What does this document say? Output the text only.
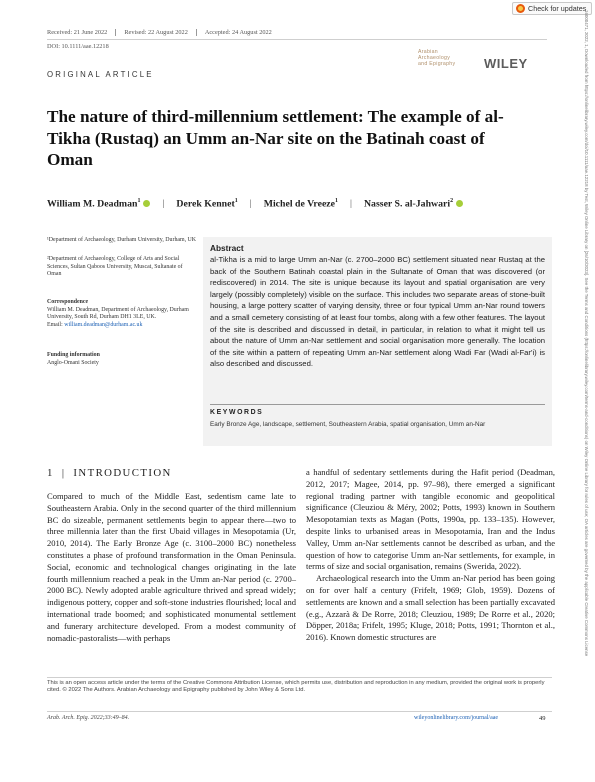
Check for updates
16000471, 2022, 1, Downloaded from https://onlinelibrary.wiley.com/doi/10.1111/aae.12218 by Test, Wiley Online Library on [26/10/2023]. See the Terms and Conditions (https://onlinelibrary.wiley.com/terms-and-conditions) on Wiley Online Library for rules of use; OA articles are governed by the applicable Creative Commons License
Received: 21 June 2022	Revised: 22 August 2022	Accepted: 24 August 2022
DOI: 10.1111/aae.12218
Arabian
Archaeology
and Epigraphy	WILEY
ORIGINAL ARTICLE
The nature of third-millennium settlement: The example of al-Tikha (Rustaq) an Umm an-Nar site on the Batinah coast of Oman
William M. Deadman$^1$ | Derek Kennet$^1$ | Michel de Vreeze$^1$ | Nasser S. al-Jahwari$^2$
¹Department of Archaeology, Durham University, Durham, UK
²Department of Archaeology, College of Arts and Social Sciences, Sultan Qaboos University, Muscat, Sultanate of Oman
Correspondence
William M. Deadman, Department of Archaeology, Durham University, South Rd, Durham DH1 3LE, UK.
Email: william.deadman@durham.ac.uk
Funding information
Anglo-Omani Society
Abstract
al-Tikha is a mid to large Umm an-Nar (c. 2700–2000 BC) settlement situated near Rustaq at the back of the Southern Batinah coastal plain in the Sultanate of Oman that was discovered (or rediscovered) in 2014. The site is unique because its layout and spatial organisation are very largely (possibly completely) visible on the surface. This includes two separate areas of stone-built housing, a large pottery scatter of varying density, three or four typical Umm an-Nar round towers and a small cemetery consisting of at least four tombs, along with a few other features. The layout of the site is described and discussed in detail, in particular, in relation to what it might tell us about the nature of Umm an-Nar settlement and social organisation more generally. The location of the site within a pattern of repeating Umm an-Nar settlement along Wadi Far (Wadi al-Far'i) is also described and discussed.
KEYWORDS
Early Bronze Age, landscape, settlement, Southeastern Arabia, spatial organisation, Umm an-Nar
1 | INTRODUCTION

Compared to much of the Middle East, sedentism came late to Southeastern Arabia. Only in the second quarter of the third millennium BC do sizeable, permanent settlements begin to appear there—two to three millennia later than the first Ubaid villages in Mesopotamia (Ur, 2010, 2014). The Early Bronze Age (c. 3100–2000 BC) nonetheless constitutes a phase of profound transformation in the Oman Peninsula. Social, economic and technological changes originating in the late fourth millennium reached a peak in the Umm an-Nar period (c. 2700–2000 BC). Newly adopted arable agriculture thrived and spread widely; indigenous pottery, copper and soft-stone industries flourished; local and international trade boomed; and sophisticated monumental settlement and funerary architecture developed. From a modest community of nomadic-pastoralists—with perhaps

a handful of sedentary settlements during the Hafit period (Deadman, 2012, 2017; Magee, 2014, pp. 97–98), there emerged a significant regional trading partner with tangible economic and geopolitical significance (Cleuziou & Méry, 2002; Potts, 1993) known in Southern Mesopotamian texts as Magan (Potts, 1990a, pp. 133–135). However, despite links to urbanised areas in Mesopotamia, Iran and the Indus Valley, Umm an-Nar settlements cannot be described as urban, and the question of how to categorise Umm an-Nar settlements, for example, in terms of size and social organisation, remains (Swerida, 2022).

Archaeological research into the Umm an-Nar period has been going on for over half a century (Frifelt, 1969; Glob, 1959). Dozens of settlements are known and a small selection has been partially excavated (e.g., Azzarà & De Rorre, 2018; Cleuziou, 1989; De Rorre et al., 2020; Döpper, 2018a; Frifelt, 1995; Kluge, 2018; Potts, 1991; Thornton et al., 2016). Known domestic structures are

This is an open access article under the terms of the Creative Commons Attribution License, which permits use, distribution and reproduction in any medium, provided the original work is properly cited. © 2022 The Authors. Arabian Archaeology and Epigraphy published by John Wiley & Sons Ltd.
Arab. Arch. Epig. 2022;33:49–84.	wileyonlinelibrary.com/journal/aae	49
